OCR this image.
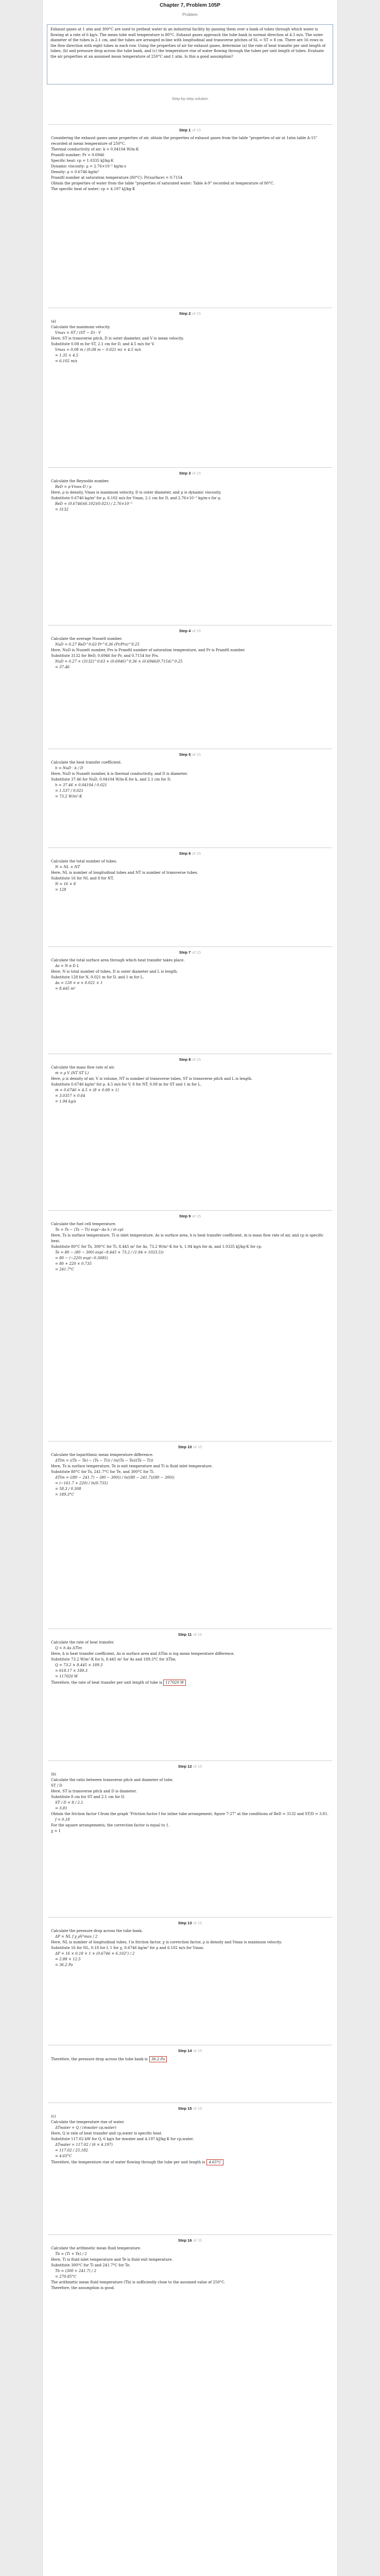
Chapter 7, Problem 105P
Problem
Exhaust gases at 1 atm and 300°C are used to preheat water in an industrial facility by passing them over a bank of tubes through which water is flowing at a rate of 6 kg/s. The mean tube wall temperature is 80°C. Exhaust gases approach the tube bank in normal direction at 4.5 m/s. The outer diameter of the tubes is 2.1 cm, and the tubes are arranged in-line with longitudinal and transverse pitches of SL = ST = 8 cm. There are 16 rows in the flow direction with eight tubes in each row. Using the properties of air for exhaust gases, determine (a) the rate of heat transfer per unit length of tubes, (b) and pressure drop across the tube bank, and (c) the temperature rise of water flowing through the tubes per unit length of tubes. Evaluate the air properties at an assumed mean temperature of 250°C and 1 atm. Is this a good assumption?
Step-by-step solution
Step 1 of 15
Considering the exhaust gases same properties of air, obtain the properties of exhaust gases from the table "properties of air at 1atm table A-15" recorded at mean temperature of 250°C.
Thermal conductivity of air: k = 0.04104 W/m·K
Prandtl number: Pr = 0.6946
Specific heat: cp = 1.0335 kJ/kg·K
Dynamic viscosity: μ = 2.76×10⁻⁵ kg/m·s
Density: ρ = 0.6746 kg/m³
Prandtl number at saturation temperature (80°C): Pr(surface) = 0.7154
Obtain the properties of water from the table "properties of saturated water: Table A-9" recorded at temperature of 80°C.
The specific heat of water: cp = 4.197 kJ/kg·K
Step 2 of 15
(a)
Calculate the maximum velocity.
Vmax = ST / (ST − D) · V
Here, ST is transverse pitch, D is outer diameter, and V is mean velocity.
Substitute 0.08 m for ST, 2.1 cm for D, and 4.5 m/s for V.
Vmax = 0.08 m / (0.08 m − 0.021 m) × 4.5 m/s
= 1.35 × 4.5
= 6.102 m/s
Step 3 of 15
Calculate the Reynolds number.
ReD = ρ·Vmax·D / μ
Here, ρ is density, Vmax is maximum velocity, D is outer diameter, and μ is dynamic viscosity.
Substitute 0.6746 kg/m³ for ρ, 6.102 m/s for Vmax, 2.1 cm for D, and 2.76×10⁻⁵ kg/m·s for μ.
ReD = (0.6746)(6.102)(0.021) / 2.76×10⁻⁵
= 3132
Step 4 of 15
Calculate the average Nusselt number.
NuD = 0.27 ReD^0.63 Pr^0.36 (Pr/Prs)^0.25
Here, NuD is Nusselt number, Prs is Prandtl number of saturation temperature, and Pr is Prandtl number.
Substitute 3132 for ReD, 0.6946 for Pr, and 0.7154 for Prs.
NuD = 0.27 × (3132)^0.63 × (0.6946)^0.36 × (0.6946/0.7154)^0.25
= 37.46
Step 5 of 15
Calculate the heat transfer coefficient.
h = NuD · k / D
Here, NuD is Nusselt number, k is thermal conductivity, and D is diameter.
Substitute 37.46 for NuD, 0.04104 W/m·K for k, and 2.1 cm for D.
h = 37.46 × 0.04104 / 0.021
= 1.537 / 0.021
= 73.2 W/m²·K
Step 6 of 15
Calculate the total number of tubes.
N = NL × NT
Here, NL is number of longitudinal tubes and NT is number of transverse tubes.
Substitute 16 for NL and 8 for NT.
N = 16 × 8
= 128
Step 7 of 15
Calculate the total surface area through which heat transfer takes place.
As = N π D L
Here, N is total number of tubes, D is outer diameter and L is length.
Substitute 128 for N, 0.021 m for D, and 1 m for L.
As = 128 × π × 0.021 × 1
= 8.445 m²
Step 8 of 15
Calculate the mass flow rate of air.
ṁ = ρ V (NT ST L)
Here, ρ is density of air, V is volume, NT is number of transverse tubes, ST is transverse pitch and L is length.
Substitute 0.6746 kg/m³ for ρ, 4.5 m/s for V, 8 for NT, 0.08 m for ST and 1 m for L.
ṁ = 0.6746 × 4.5 × (8 × 0.08 × 1)
= 3.0357 × 0.64
= 1.94 kg/s
Step 9 of 15
Calculate the fuel cell temperature.
Te = Ts − (Ts − Ti) exp(−As h / ṁ cp)
Here, Ts is surface temperature, Ti is inlet temperature, As is surface area, h is heat transfer coefficient, ṁ is mass flow rate of air, and cp is specific heat.
Substitute 80°C for Ts, 300°C for Ti, 8.445 m² for As, 73.2 W/m²·K for h, 1.94 kg/s for ṁ, and 1.0335 kJ/kg·K for cp.
Te = 80 − (80 − 300) exp(−8.445 × 73.2 / (1.94 × 1033.5))
= 80 − (−220) exp(−0.3085)
= 80 + 220 × 0.735
= 241.7°C
Step 10 of 15
Calculate the logarithmic mean temperature difference.
ΔTlm = ((Ts − Te) − (Ts − Ti)) / ln((Ts − Te)/(Ts − Ti))
Here, Ts is surface temperature, Te is exit temperature and Ti is fluid inlet temperature.
Substitute 80°C for Ts, 241.7°C for Te, and 300°C for Ti.
ΔTlm = ((80 − 241.7) − (80 − 300)) / ln((80 − 241.7)/(80 − 300))
= (−161.7 + 220) / ln(0.735)
= 58.3 / 0.308
= 189.3°C
Step 11 of 15
Calculate the rate of heat transfer.
Q = h As ΔTlm
Here, h is heat transfer coefficient, As is surface area and ΔTlm is log mean temperature difference.
Substitute 73.2 W/m²·K for h, 8.445 m² for As and 189.3°C for ΔTlm.
Q = 73.2 × 8.445 × 189.3
= 618.17 × 189.3
= 117020 W
Therefore, the rate of heat transfer per unit length of tube is 117020 W
Step 12 of 15
(b)
Calculate the ratio between transverse pitch and diameter of tube.
ST / D
Here, ST is transverse pitch and D is diameter.
Substitute 8 cm for ST and 2.1 cm for D.
ST / D = 8 / 2.1
= 3.81
Obtain the friction factor f from the graph "Friction factor f for inline tube arrangement, figure 7-27" at the conditions of ReD = 3132 and ST/D = 3.81.
f = 0.18
For the square arrangements, the correction factor is equal to 1.
χ = 1
Step 13 of 15
Calculate the pressure drop across the tube bank.
ΔP = NL f χ ρV²max / 2
Here, NL is number of longitudinal tubes, f is friction factor, χ is correction factor, ρ is density and Vmax is maximum velocity.
Substitute 16 for NL, 0.18 for f, 1 for χ, 0.6746 kg/m³ for ρ and 6.102 m/s for Vmax.
ΔP = 16 × 0.18 × 1 × (0.6746 × 6.102²) / 2
= 2.88 × 12.5
= 36.2 Pa
Step 14 of 15
Therefore, the pressure drop across the tube bank is 36.2 Pa
Step 15 of 15
(c)
Calculate the temperature rise of water.
ΔTwater = Q / (ṁwater cp,water)
Here, Q is rate of heat transfer and cp,water is specific heat.
Substitute 117.02 kW for Q, 6 kg/s for ṁwater and 4.197 kJ/kg·K for cp,water.
ΔTwater = 117.02 / (6 × 4.197)
= 117.02 / 25.182
= 4.65°C
Therefore, the temperature rise of water flowing through the tube per unit length is 4.65°C
Step 16 of 15
Calculate the arithmetic mean fluid temperature.
Tb = (Ti + Te) / 2
Here, Ti is fluid inlet temperature and Te is fluid exit temperature.
Substitute 300°C for Ti and 241.7°C for Te.
Tb = (300 + 241.7) / 2
= 270.85°C
The arithmetic mean fluid temperature (Tb) is sufficiently close to the assumed value of 250°C.
Therefore, the assumption is good.
